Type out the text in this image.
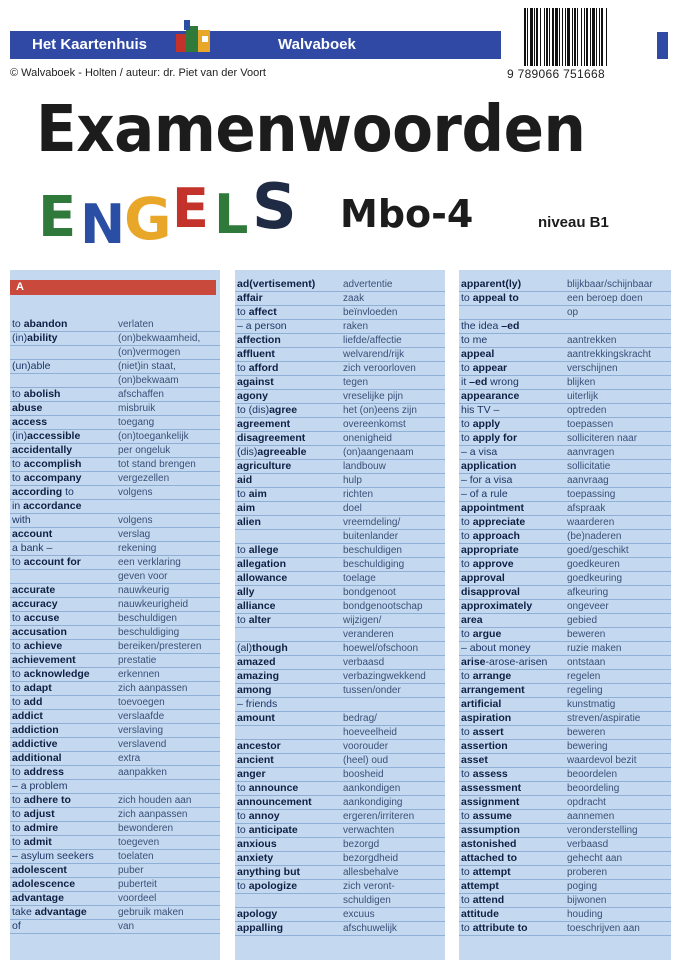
Het Kaartenhuis	Walvaboek
© Walvaboek - Holten / auteur: dr. Piet van der Voort	9 789066 751668
Examenwoorden
E N
G E L S Mbo-4	niveau B1
A
to abandon	verlaten
(in)ability	(on)bekwaamheid,
(on)vermogen
(un)able	(niet)in staat,
(on)bekwaam
to abolish	afschaffen
abuse	misbruik
access	toegang
(in)accessible	(on)toegankelijk
accidentally	per ongeluk
to accomplish	tot stand brengen
to accompany	vergezellen
according to	volgens
in accordance
with	volgens
account	verslag
a bank –	rekening
to account for	een verklaring
geven voor
accurate	nauwkeurig
accuracy	nauwkeurigheid
to accuse	beschuldigen
accusation	beschuldiging
to achieve	bereiken/presteren
achievement	prestatie
to acknowledge	erkennen
to adapt	zich aanpassen
to add	toevoegen
addict	verslaafde
addiction	verslaving
addictive	verslavend
additional	extra
to address	aanpakken
– a problem
to adhere to	zich houden aan
to adjust	zich aanpassen
to admire	bewonderen
to admit	toegeven
– asylum seekers	toelaten
adolescent	puber
adolescence	puberteit
advantage	voordeel
take advantage	gebruik maken
of	van
ad(vertisement)	advertentie
affair	zaak
to affect	beïnvloeden
– a person	raken
affection	liefde/affectie
affluent	welvarend/rijk
to afford	zich veroorloven
against	tegen
agony	vreselijke pijn
to (dis)agree	het (on)eens zijn
agreement	overeenkomst
disagreement	onenigheid
(dis)agreeable	(on)aangenaam
agriculture	landbouw
aid	hulp
to aim	richten
aim	doel
alien	vreemdeling/
buitenlander
to allege	beschuldigen
allegation	beschuldiging
allowance	toelage
ally	bondgenoot
alliance	bondgenootschap
to alter	wijzigen/
veranderen
(al)though	hoewel/ofschoon
amazed	verbaasd
amazing	verbazingwekkend
among	tussen/onder
– friends
amount	bedrag/
hoeveelheid
ancestor	voorouder
ancient	(heel) oud
anger	boosheid
to announce	aankondigen
announcement	aankondiging
to annoy	ergeren/irriteren
to anticipate	verwachten
anxious	bezorgd
anxiety	bezorgdheid
anything but	allesbehalve
to apologize	zich veront-
schuldigen
apology	excuus
appalling	afschuwelijk
apparent(ly)	blijkbaar/schijnbaar
to appeal to	een beroep doen
op
the idea –ed
to me	aantrekken
appeal	aantrekkingskracht
to appear	verschijnen
it –ed wrong	blijken
appearance	uiterlijk
his TV –	optreden
to apply	toepassen
to apply for	solliciteren naar
– a visa	aanvragen
application	sollicitatie
– for a visa	aanvraag
– of a rule	toepassing
appointment	afspraak
to appreciate	waarderen
to approach	(be)naderen
appropriate	goed/geschikt
to approve	goedkeuren
approval	goedkeuring
disapproval	afkeuring
approximately	ongeveer
area	gebied
to argue	beweren
– about money	ruzie maken
arise-arose-arisen	ontstaan
to arrange	regelen
arrangement	regeling
artificial	kunstmatig
aspiration	streven/aspiratie
to assert	beweren
assertion	bewering
asset	waardevol bezit
to assess	beoordelen
assessment	beoordeling
assignment	opdracht
to assume	aannemen
assumption	veronderstelling
astonished	verbaasd
attached to	gehecht aan
to attempt	proberen
attempt	poging
to attend	bijwonen
attitude	houding
to attribute to	toeschrijven aan
